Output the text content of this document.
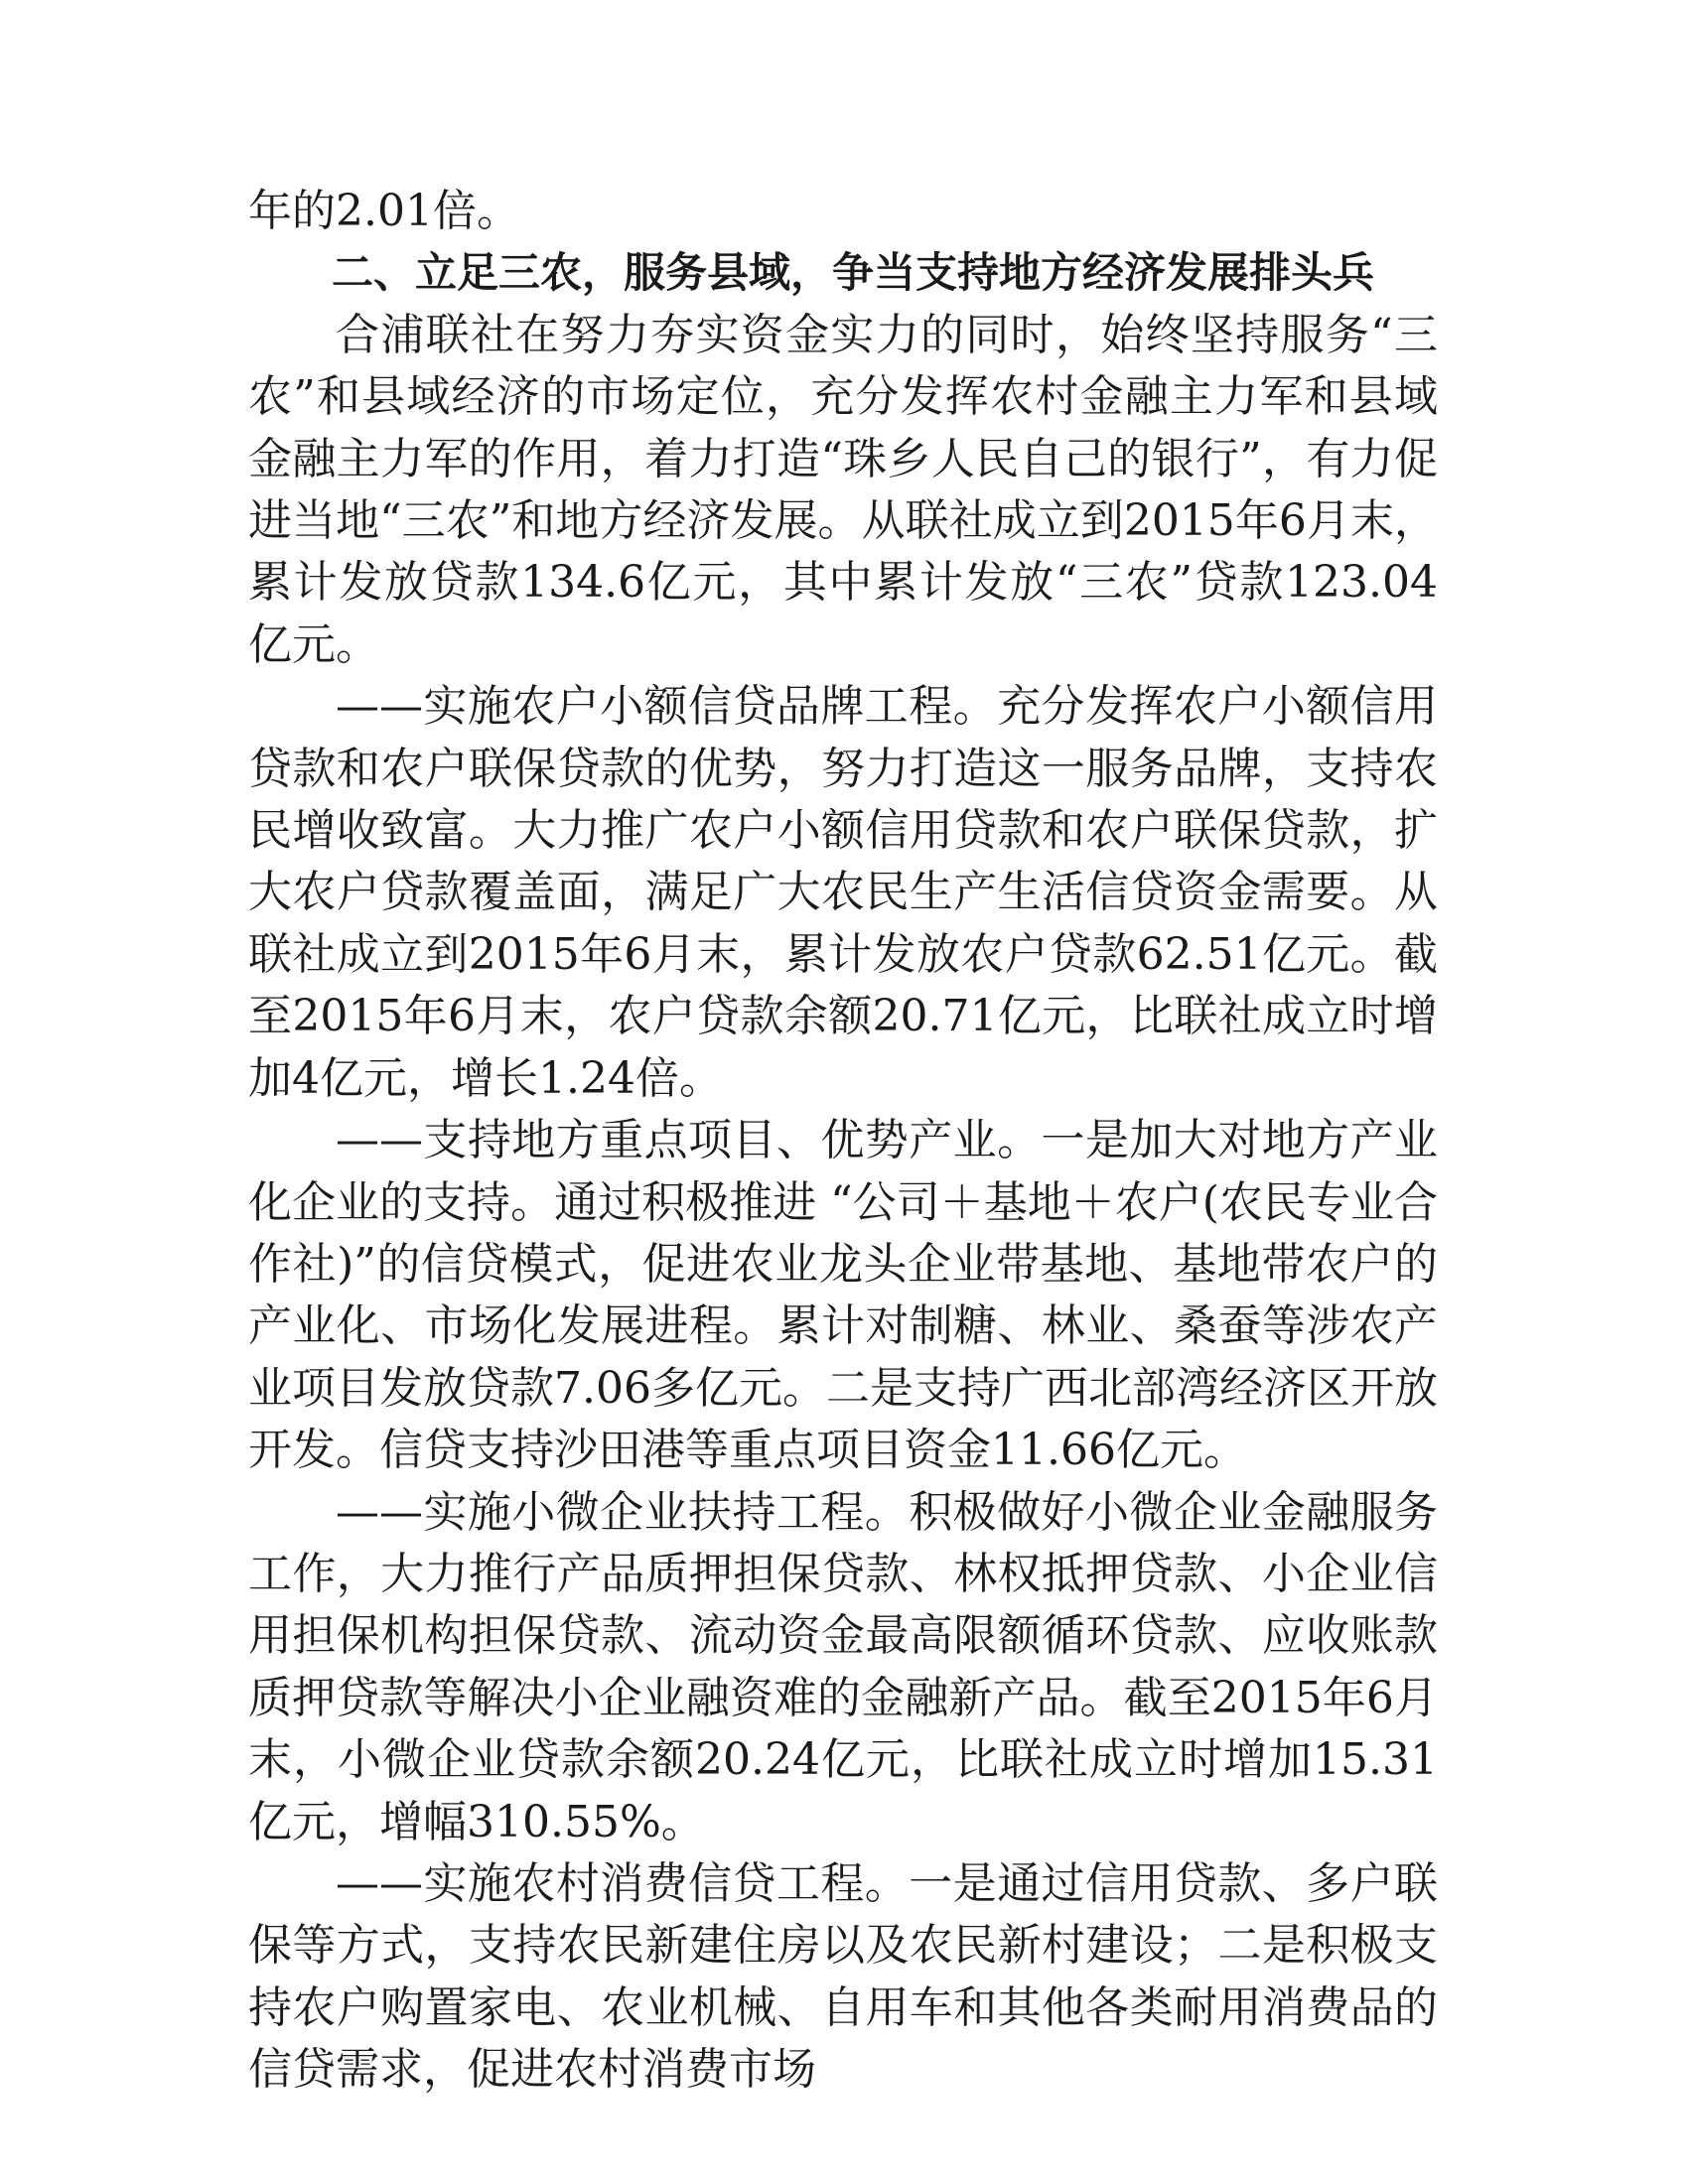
年的2.01倍。

二、立足三农，服务县域，争当支持地方经济发展排头兵

合浦联社在努力夯实资金实力的同时，始终坚持服务“三农”和县域经济的市场定位，充分发挥农村金融主力军和县域金融主力军的作用，着力打造“珠乡人民自己的银行”，有力促进当地“三农”和地方经济发展。从联社成立到2015年6月末，累计发放贷款134.6亿元，其中累计发放“三农”贷款123.04亿元。

——实施农户小额信贷品牌工程。充分发挥农户小额信用贷款和农户联保贷款的优势，努力打造这一服务品牌，支持农民增收致富。大力推广农户小额信用贷款和农户联保贷款，扩大农户贷款覆盖面，满足广大农民生产生活信贷资金需要。从联社成立到2015年6月末，累计发放农户贷款62.51亿元。截至2015年6月末，农户贷款余额20.71亿元，比联社成立时增加4亿元，增长1.24倍。

——支持地方重点项目、优势产业。一是加大对地方产业化企业的支持。通过积极推进 “公司＋基地＋农户(农民专业合作社)”的信贷模式，促进农业龙头企业带基地、基地带农户的产业化、市场化发展进程。累计对制糖、林业、桑蚕等涉农产业项目发放贷款7.06多亿元。二是支持广西北部湾经济区开放开发。信贷支持沙田港等重点项目资金11.66亿元。

——实施小微企业扶持工程。积极做好小微企业金融服务工作，大力推行产品质押担保贷款、林权抵押贷款、小企业信用担保机构担保贷款、流动资金最高限额循环贷款、应收账款质押贷款等解决小企业融资难的金融新产品。截至2015年6月末，小微企业贷款余额20.24亿元，比联社成立时增加15.31亿元，增幅310.55%。

——实施农村消费信贷工程。一是通过信用贷款、多户联保等方式，支持农民新建住房以及农民新村建设；二是积极支持农户购置家电、农业机械、自用车和其他各类耐用消费品的信贷需求，促进农村消费市场
